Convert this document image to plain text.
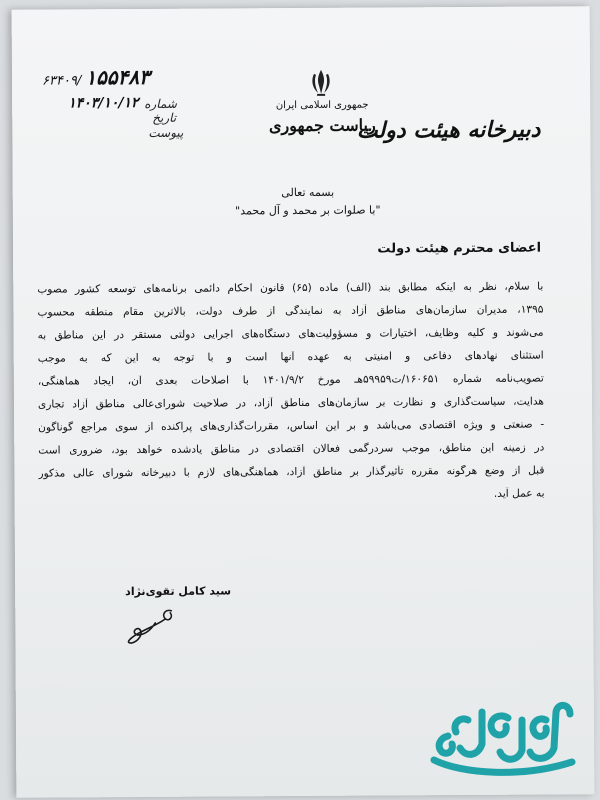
۶۳۴۰۹/ ۱۵۵۴۸۳
۱۴۰۳/۱۰/۱۲ شماره
تاریخ
پیوست
جمهوری اسلامی ایران
ریاست جمهوری
دبیرخانه هیئت دولت
بسمه تعالی
"با صلوات بر محمد و آل محمد"
اعضای محترم هیئت دولت
با سلام، نظر به اینکه مطابق بند (الف) ماده (۶۵) قانون احکام دائمی برنامه‌های توسعه کشور مصوب
۱۳۹۵، مدیران سازمان‌های مناطق آزاد به نمایندگی از طرف دولت، بالاترین مقام منطقه محسوب
می‌شوند و کلیه وظایف، اختیارات و مسؤولیت‌های دستگاه‌های اجرایی دولتی مستقر در این مناطق به
استثنای نهادهای دفاعی و امنیتی به عهده آنها است و با توجه به این که به موجب
تصویب‌نامه شماره ۱۶۰۶۵۱/ت۵۹۹۵۹هـ مورخ ۱۴۰۱/۹/۲ با اصلاحات بعدی آن، ایجاد هماهنگی،
هدایت، سیاست‌گذاری و نظارت بر سازمان‌های مناطق آزاد، در صلاحیت شورای‌عالی مناطق آزاد تجاری
- صنعتی و ویژه اقتصادی می‌باشد و بر این اساس، مقررات‌گذاری‌های پراکنده از سوی مراجع گوناگون
در زمینه این مناطق، موجب سردرگمی فعالان اقتصادی در مناطق یادشده خواهد بود، ضروری است
قبل از وضع هرگونه مقرره تأثیرگذار بر مناطق آزاد، هماهنگی‌های لازم با دبیرخانه شورای عالی مذکور
به عمل آید.
سید کامل تقوی‌نژاد
